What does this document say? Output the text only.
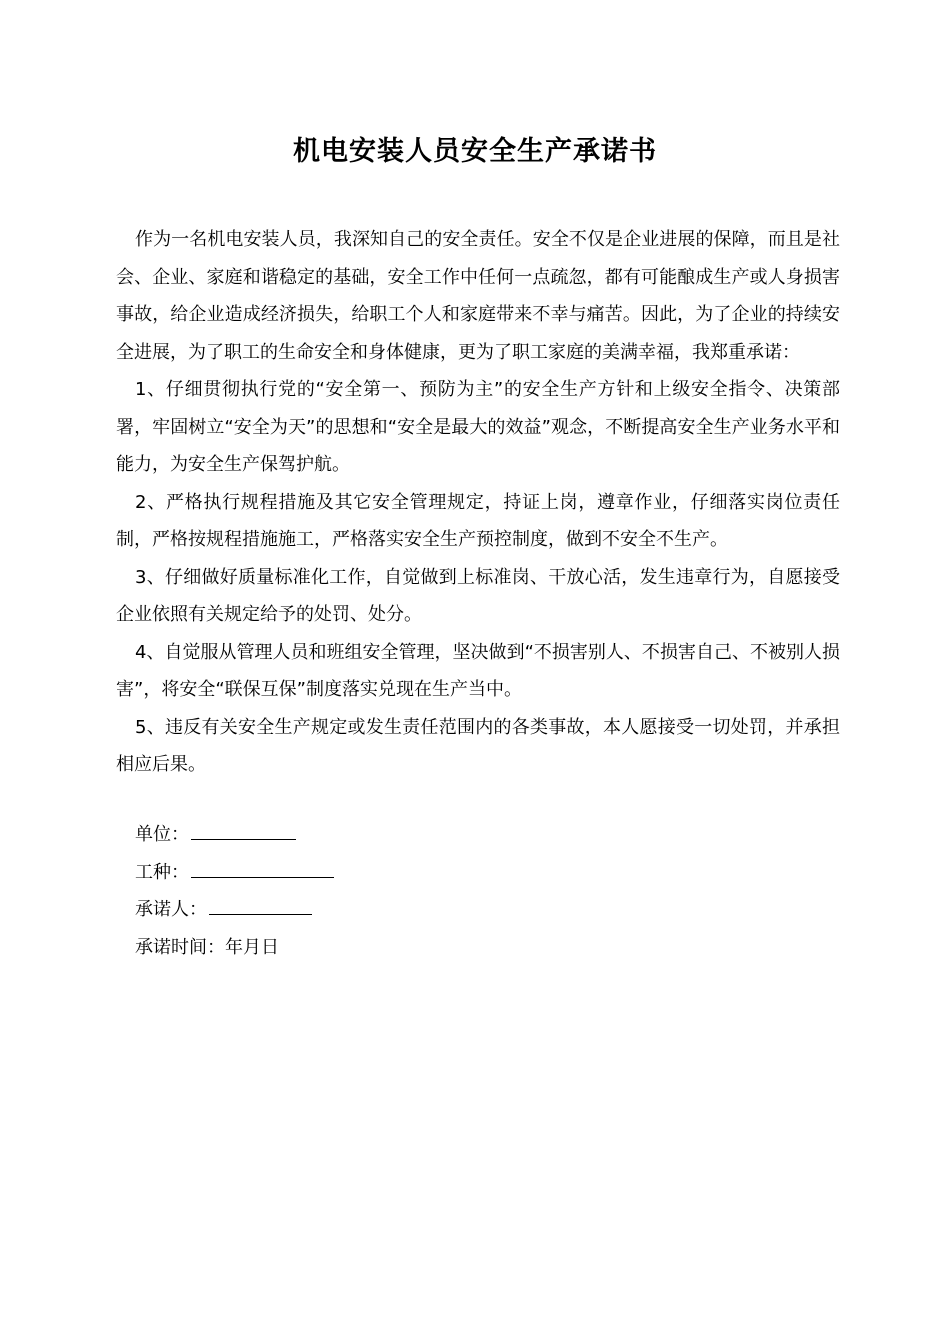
机电安装人员安全生产承诺书

作为一名机电安装人员，我深知自己的安全责任。安全不仅是企业进展的保障，而且是社会、企业、家庭和谐稳定的基础，安全工作中任何一点疏忽，都有可能酿成生产或人身损害事故，给企业造成经济损失，给职工个人和家庭带来不幸与痛苦。因此，为了企业的持续安全进展，为了职工的生命安全和身体健康，更为了职工家庭的美满幸福，我郑重承诺：

1、仔细贯彻执行党的“安全第一、预防为主”的安全生产方针和上级安全指令、决策部署，牢固树立“安全为天”的思想和“安全是最大的效益”观念，不断提高安全生产业务水平和能力，为安全生产保驾护航。

2、严格执行规程措施及其它安全管理规定，持证上岗，遵章作业，仔细落实岗位责任制，严格按规程措施施工，严格落实安全生产预控制度，做到不安全不生产。

3、仔细做好质量标准化工作，自觉做到上标准岗、干放心活，发生违章行为，自愿接受企业依照有关规定给予的处罚、处分。

4、自觉服从管理人员和班组安全管理，坚决做到“不损害别人、不损害自己、不被别人损害”，将安全“联保互保”制度落实兑现在生产当中。

5、违反有关安全生产规定或发生责任范围内的各类事故，本人愿接受一切处罚，并承担相应后果。

单位：
工种：
承诺人：
承诺时间：年月日
